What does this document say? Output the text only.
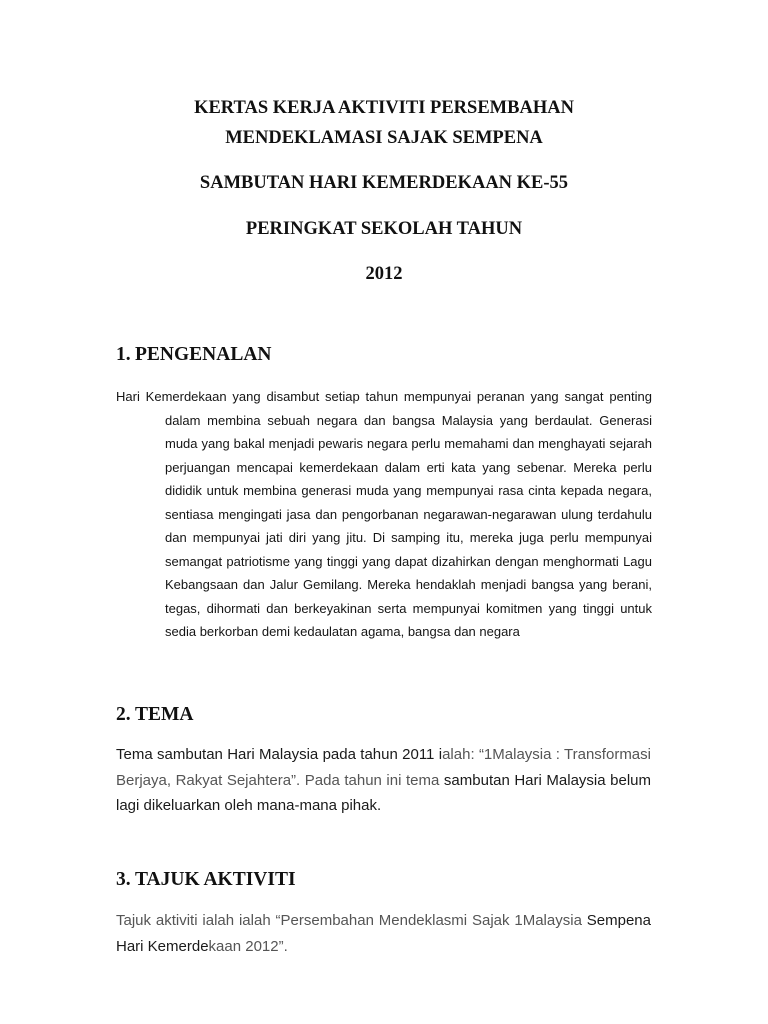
KERTAS KERJA AKTIVITI PERSEMBAHAN
MENDEKLAMASI SAJAK SEMPENA
SAMBUTAN HARI KEMERDEKAAN KE-55
PERINGKAT SEKOLAH TAHUN
2012
1. PENGENALAN

Hari Kemerdekaan yang disambut setiap tahun mempunyai peranan yang sangat penting dalam membina sebuah negara dan bangsa Malaysia yang berdaulat. Generasi muda yang bakal menjadi pewaris negara perlu memahami dan menghayati sejarah perjuangan mencapai kemerdekaan dalam erti kata yang sebenar. Mereka perlu dididik untuk membina generasi muda yang mempunyai rasa cinta kepada negara, sentiasa mengingati jasa dan pengorbanan negarawan-negarawan ulung terdahulu dan mempunyai jati diri yang jitu. Di samping itu, mereka juga perlu mempunyai semangat patriotisme yang tinggi yang dapat dizahirkan dengan menghormati Lagu Kebangsaan dan Jalur Gemilang. Mereka hendaklah menjadi bangsa yang berani, tegas, dihormati dan berkeyakinan serta mempunyai komitmen yang tinggi untuk sedia berkorban demi kedaulatan agama, bangsa dan negara

2. TEMA

Tema sambutan Hari Malaysia pada tahun 2011 ialah: “1Malaysia : Transformasi Berjaya, Rakyat Sejahtera”. Pada tahun ini tema sambutan Hari Malaysia belum lagi dikeluarkan oleh mana-mana pihak.

3. TAJUK AKTIVITI

Tajuk aktiviti ialah ialah “Persembahan Mendeklasmi Sajak 1Malaysia Sempena Hari Kemerdekaan 2012”.
